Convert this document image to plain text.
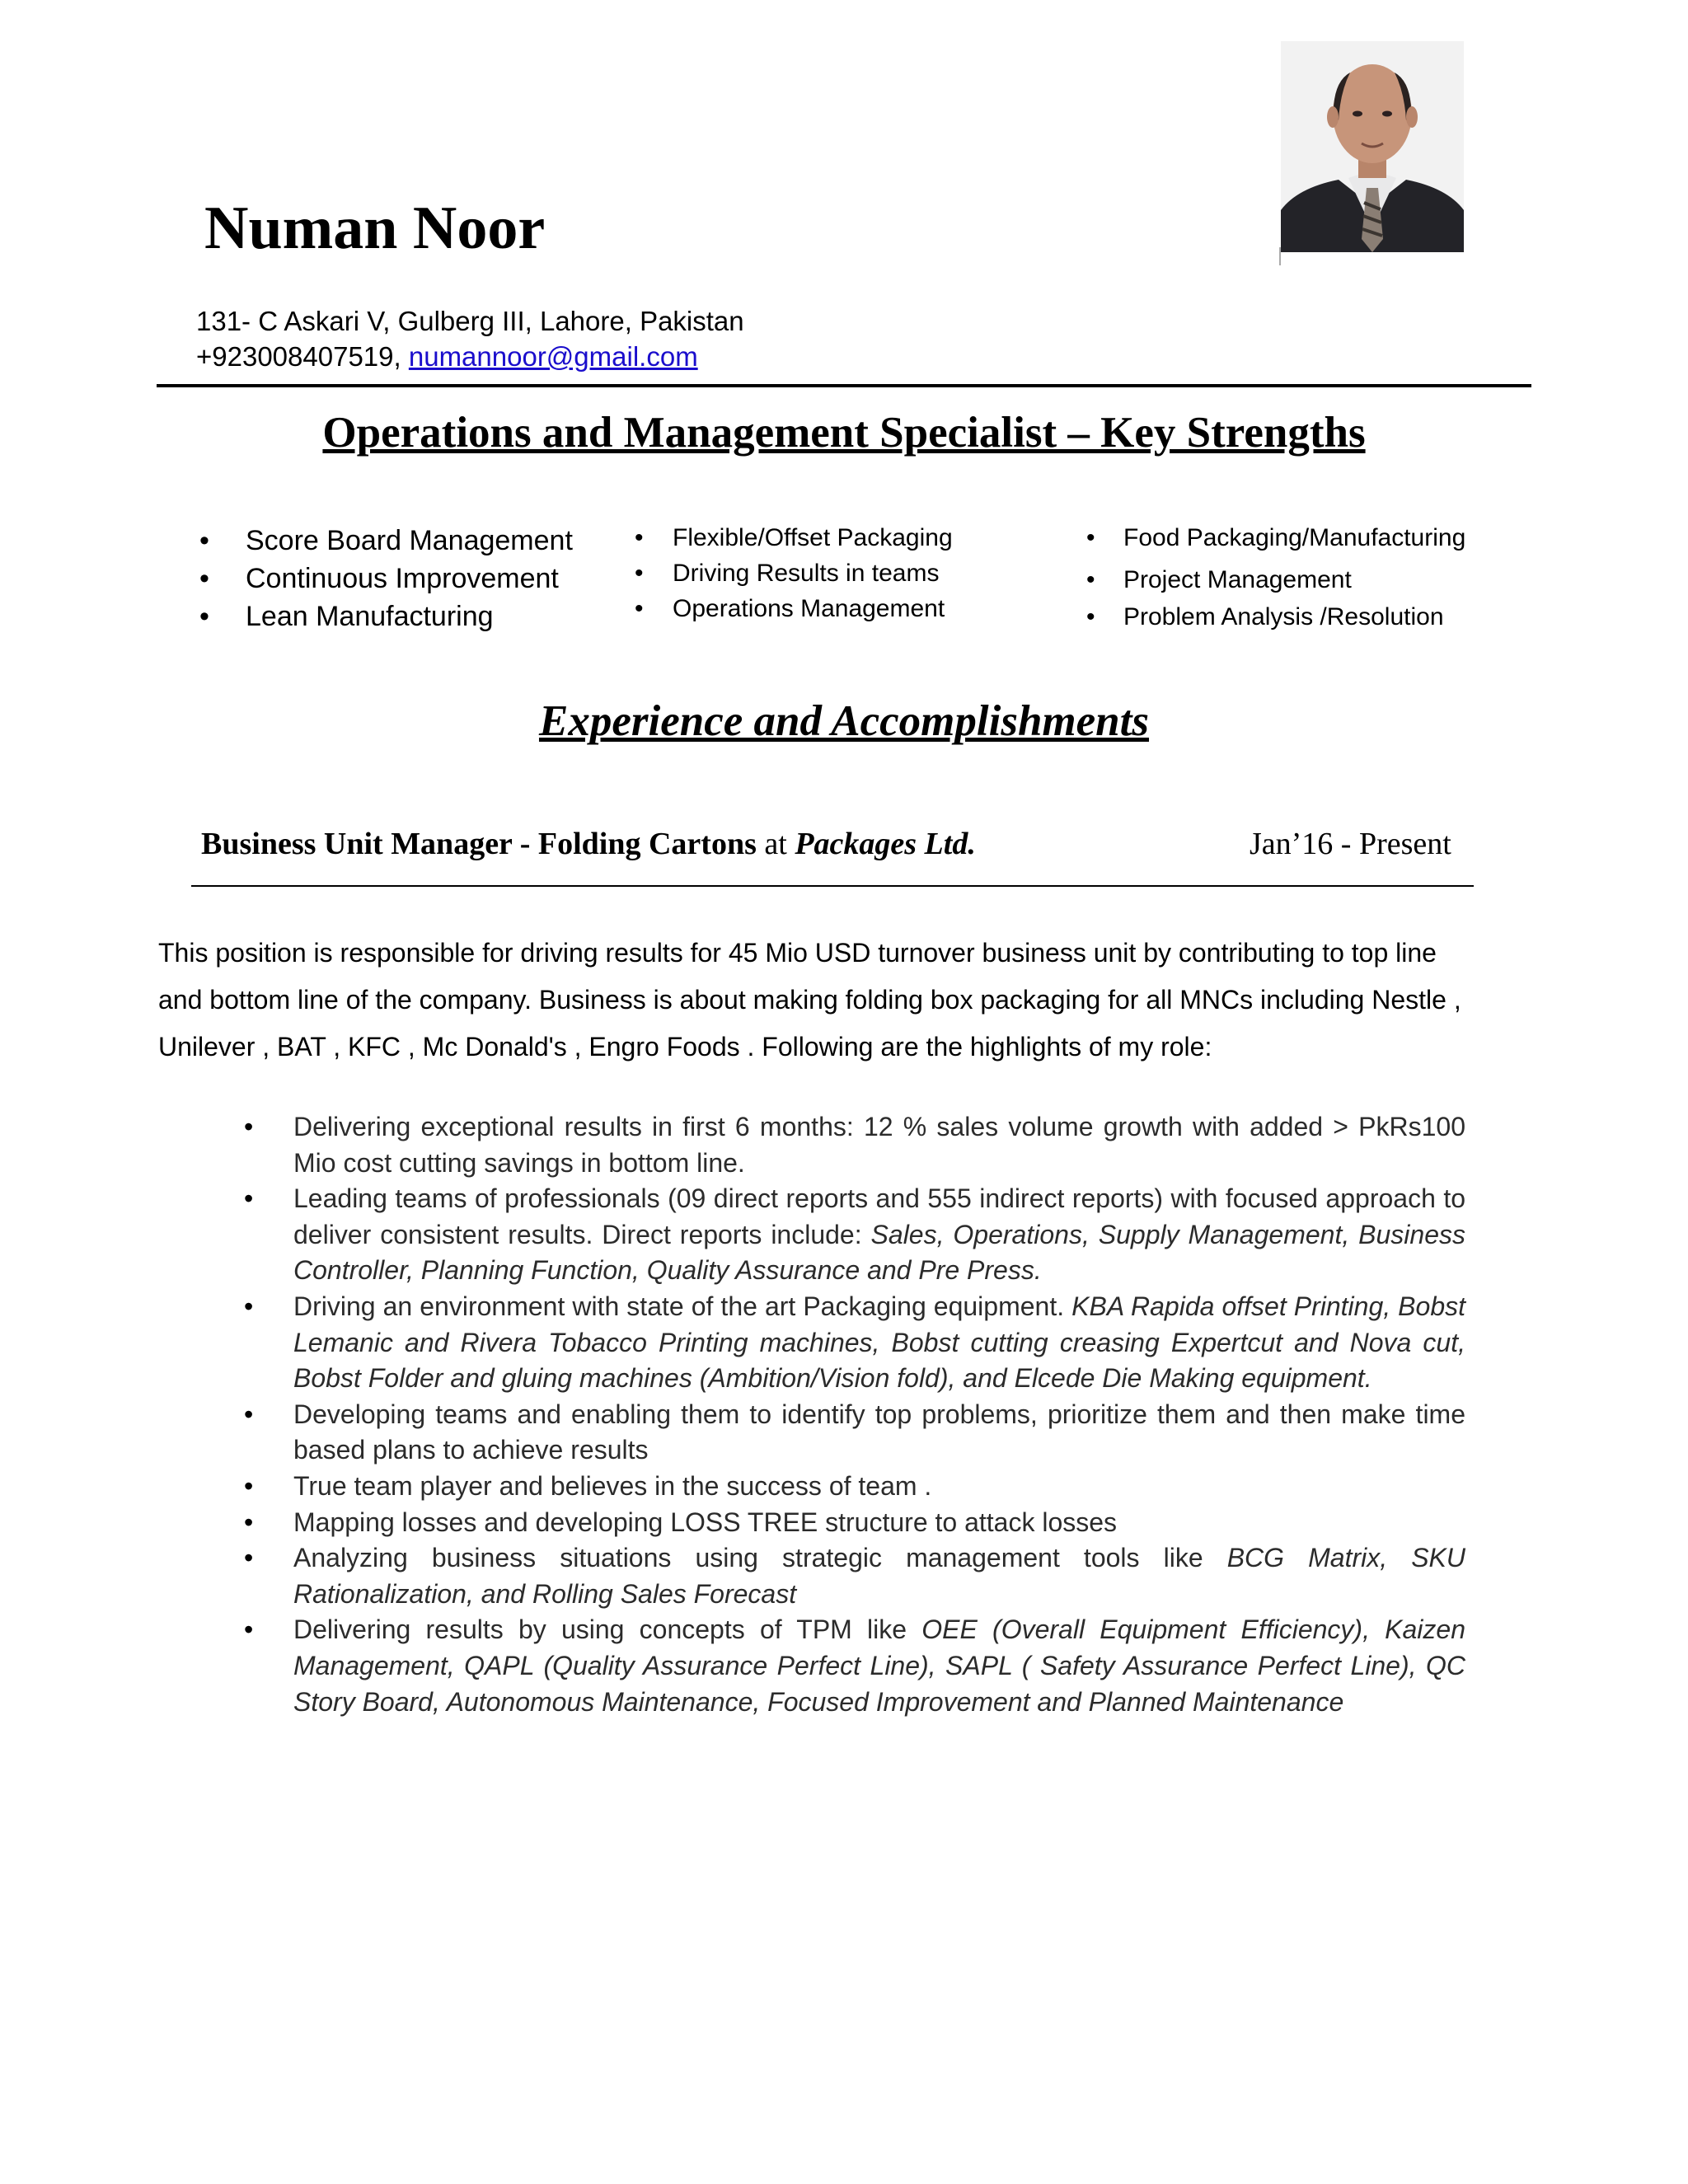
Numan Noor
131- C Askari V, Gulberg III, Lahore, Pakistan
+923008407519, numannoor@gmail.com
Operations and Management Specialist – Key Strengths
• Score Board Management
• Continuous Improvement
• Lean Manufacturing
• Flexible/Offset Packaging
• Driving Results in teams
• Operations Management
• Food Packaging/Manufacturing
• Project Management
• Problem Analysis /Resolution
Experience and Accomplishments
Business Unit Manager - Folding Cartons at Packages Ltd.	Jan’16 - Present
This position is responsible for driving results for 45 Mio USD turnover business unit by contributing to top line and bottom line of the company. Business is about making folding box packaging for all MNCs including Nestle , Unilever , BAT , KFC , Mc Donald's , Engro Foods . Following are the highlights of my role:
• Delivering exceptional results in first 6 months: 12 % sales volume growth with added > PkRs100 Mio cost cutting savings in bottom line.
• Leading teams of professionals (09 direct reports and 555 indirect reports) with focused approach to deliver consistent results. Direct reports include: Sales, Operations, Supply Management, Business Controller, Planning Function, Quality Assurance and Pre Press.
• Driving an environment with state of the art Packaging equipment. KBA Rapida offset Printing, Bobst Lemanic and Rivera Tobacco Printing machines, Bobst cutting creasing Expertcut and Nova cut, Bobst Folder and gluing machines (Ambition/Vision fold), and Elcede Die Making equipment.
• Developing teams and enabling them to identify top problems, prioritize them and then make time based plans to achieve results
• True team player and believes in the success of team .
• Mapping losses and developing LOSS TREE structure to attack losses
• Analyzing business situations using strategic management tools like BCG Matrix, SKU Rationalization, and Rolling Sales Forecast
• Delivering results by using concepts of TPM like OEE (Overall Equipment Efficiency), Kaizen Management, QAPL (Quality Assurance Perfect Line), SAPL ( Safety Assurance Perfect Line), QC Story Board, Autonomous Maintenance, Focused Improvement and Planned Maintenance
